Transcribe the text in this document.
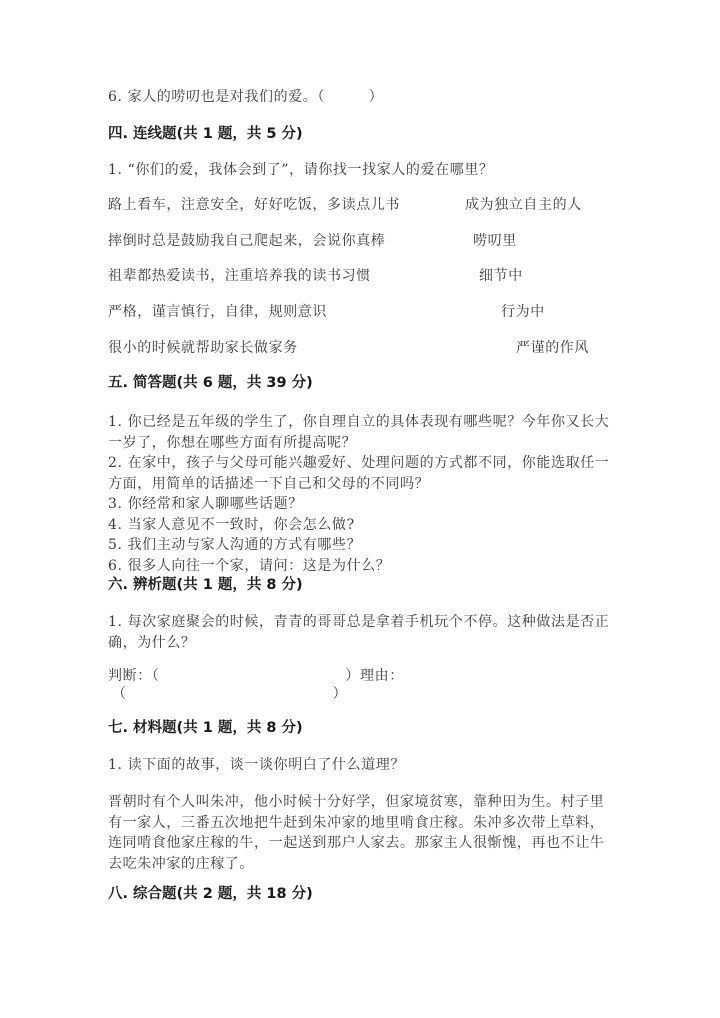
6. 家人的唠叨也是对我们的爱。（　　　）
四. 连线题(共 1 题，共 5 分)
1. “你们的爱，我体会到了”，请你找一找家人的爱在哪里？
路上看车，注意安全，好好吃饭，多读点儿书	成为独立自主的人
摔倒时总是鼓励我自己爬起来，会说你真棒	唠叨里
祖辈都热爱读书，注重培养我的读书习惯	细节中
严格，谨言慎行，自律，规则意识	行为中
很小的时候就帮助家长做家务	严谨的作风
五. 简答题(共 6 题，共 39 分)

1. 你已经是五年级的学生了，你自理自立的具体表现有哪些呢？今年你又长大一岁了，你想在哪些方面有所提高呢？

2. 在家中，孩子与父母可能兴趣爱好、处理问题的方式都不同，你能选取任一方面，用简单的话描述一下自己和父母的不同吗？

3. 你经常和家人聊哪些话题？

4. 当家人意见不一致时，你会怎么做?

5. 我们主动与家人沟通的方式有哪些？

6. 很多人向往一个家，请问：这是为什么？

六. 辨析题(共 1 题，共 8 分)
1. 每次家庭聚会的时候，青青的哥哥总是拿着手机玩个不停。这种做法是否正确，为什么？
判断：（	）理由：
（	）
七. 材料题(共 1 题，共 8 分)
1. 读下面的故事，谈一谈你明白了什么道理？
晋朝时有个人叫朱冲，他小时候十分好学，但家境贫寒，靠种田为生。村子里有一家人，三番五次地把牛赶到朱冲家的地里啃食庄稼。朱冲多次带上草料，连同啃食他家庄稼的牛，一起送到那户人家去。那家主人很惭愧，再也不让牛去吃朱冲家的庄稼了。
八. 综合题(共 2 题，共 18 分)
